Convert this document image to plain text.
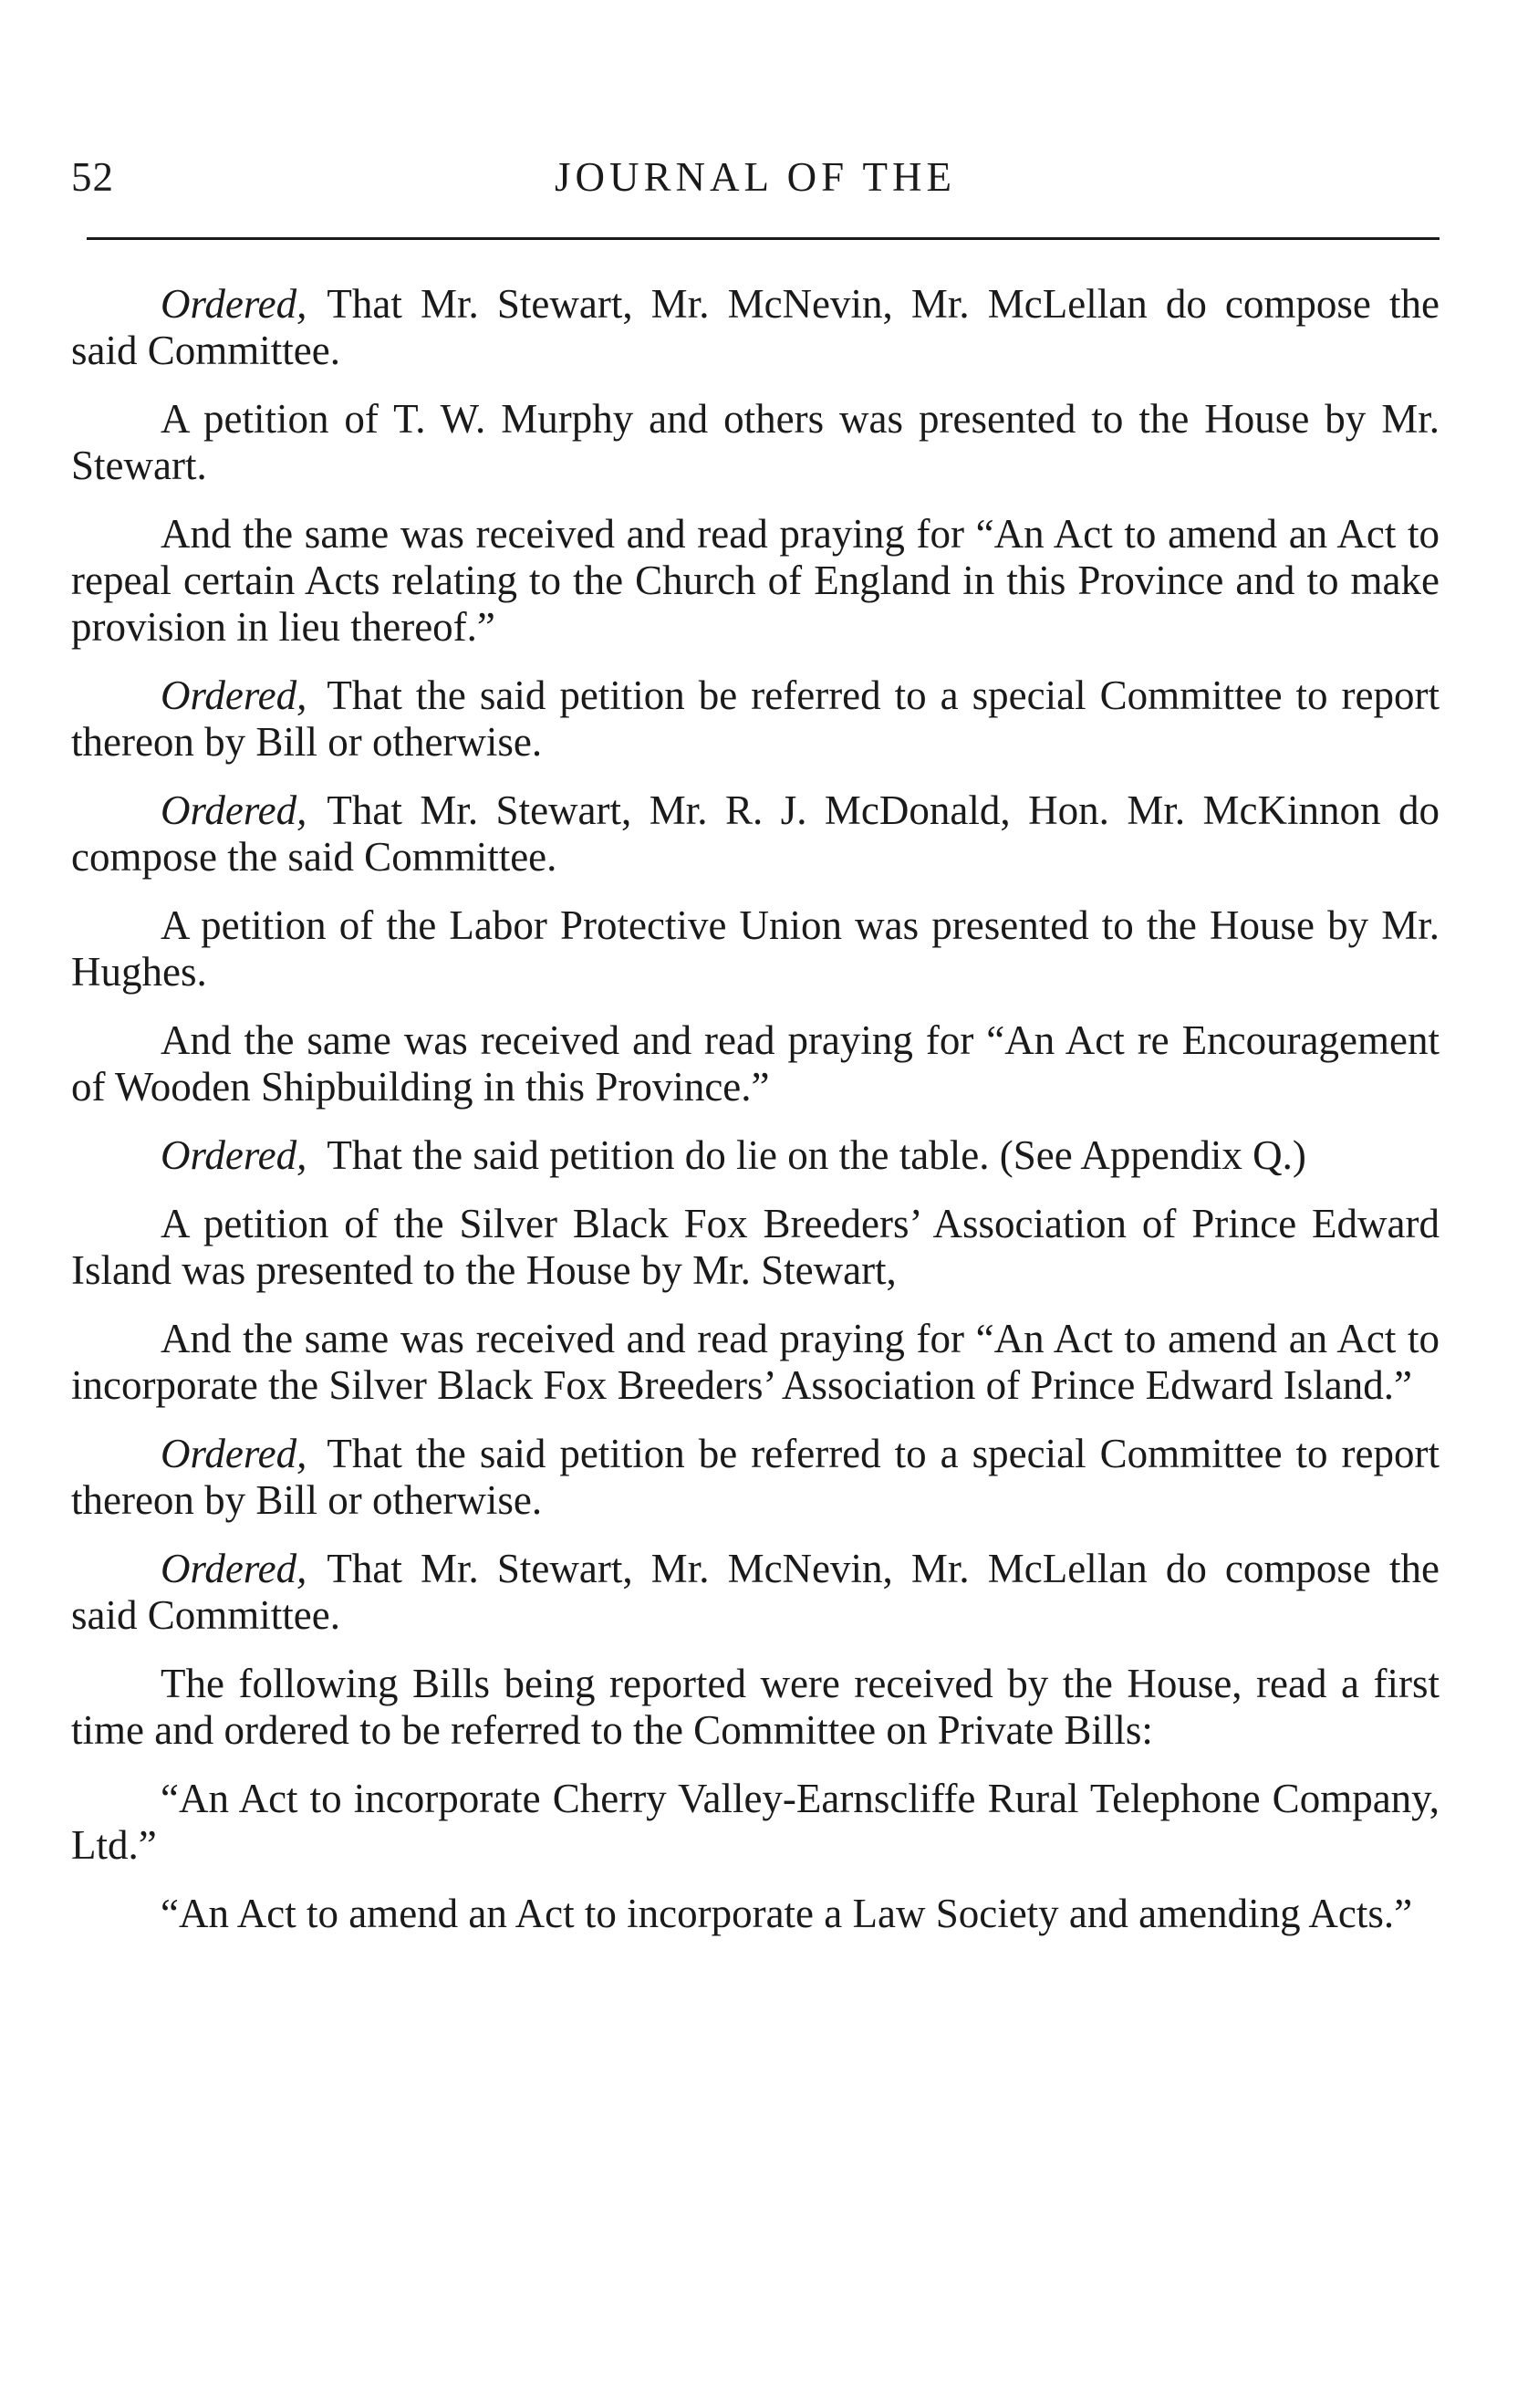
52	JOURNAL OF THE

Ordered, That Mr. Stewart, Mr. McNevin, Mr. McLellan do compose the said Committee.

A petition of T. W. Murphy and others was presented to the House by Mr. Stewart.

And the same was received and read praying for “An Act to amend an Act to repeal certain Acts relating to the Church of England in this Province and to make provision in lieu thereof.”

Ordered, That the said petition be referred to a special Committee to report thereon by Bill or otherwise.

Ordered, That Mr. Stewart, Mr. R. J. McDonald, Hon. Mr. McKinnon do compose the said Committee.

A petition of the Labor Protective Union was presented to the House by Mr. Hughes.

And the same was received and read praying for “An Act re Encouragement of Wooden Shipbuilding in this Province.”

Ordered, That the said petition do lie on the table. (See Appendix Q.)

A petition of the Silver Black Fox Breeders’ Association of Prince Edward Island was presented to the House by Mr. Stewart,

And the same was received and read praying for “An Act to amend an Act to incorporate the Silver Black Fox Breeders’ Association of Prince Edward Island.”

Ordered, That the said petition be referred to a special Committee to report thereon by Bill or otherwise.

Ordered, That Mr. Stewart, Mr. McNevin, Mr. McLellan do compose the said Committee.

The following Bills being reported were received by the House, read a first time and ordered to be referred to the Committee on Private Bills:

“An Act to incorporate Cherry Valley-Earnscliffe Rural Telephone Company, Ltd.”

“An Act to amend an Act to incorporate a Law Society and amending Acts.”
